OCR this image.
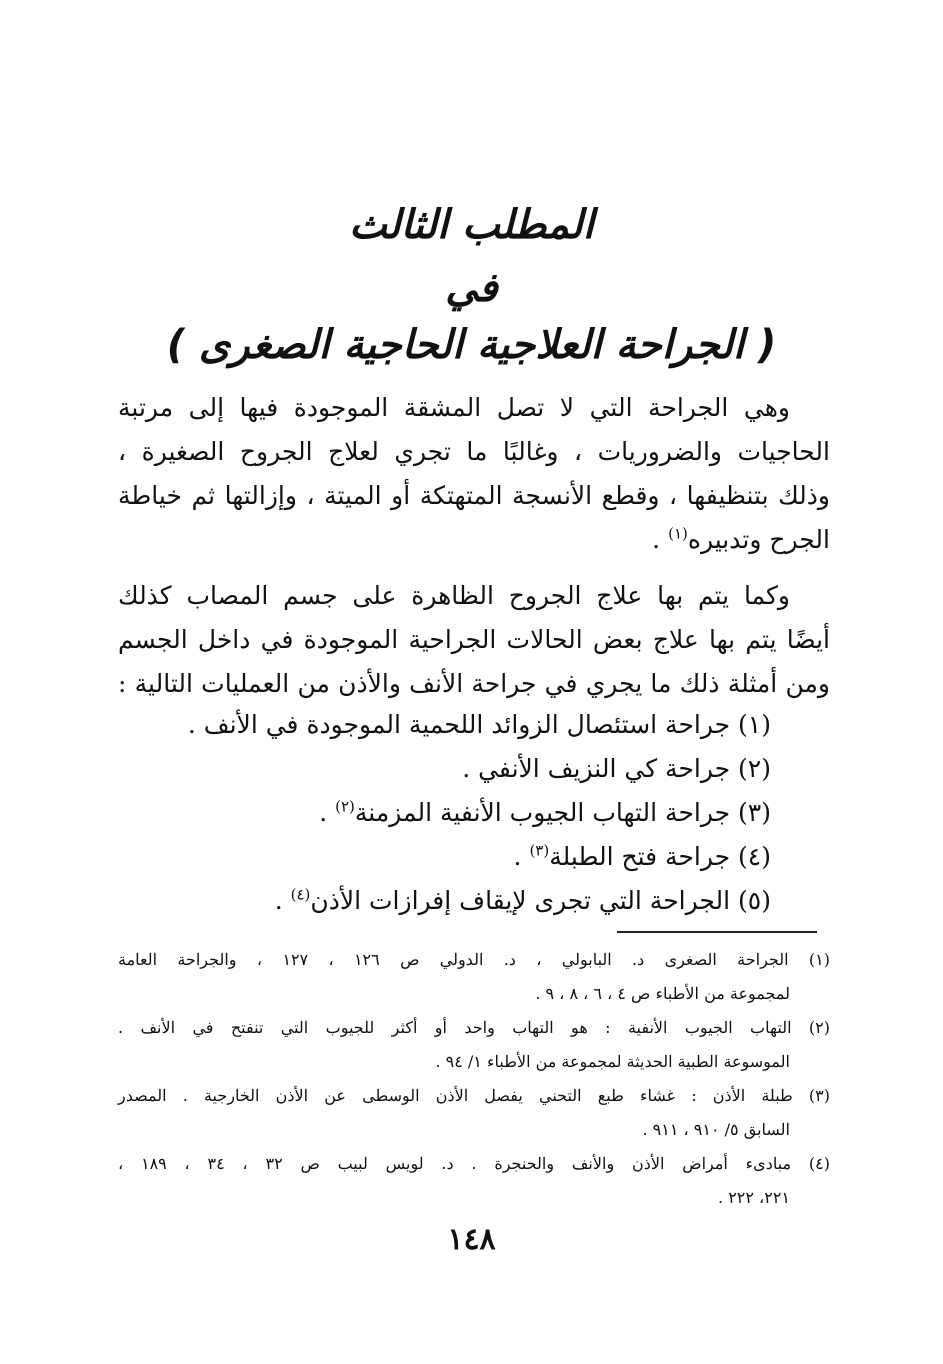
المطلب الثالث
في
( الجراحة العلاجية الحاجية الصغرى )
وهي الجراحة التي لا تصل المشقة الموجودة فيها إلى مرتبة
الحاجيات والضروريات ، وغالبًا ما تجري لعلاج الجروح الصغيرة ،
وذلك بتنظيفها ، وقطع الأنسجة المتهتكة أو الميتة ، وإزالتها ثم خياطة
الجرح وتدبيره$^{(١)}$ .
وكما يتم بها علاج الجروح الظاهرة على جسم المصاب كذلك
أيضًا يتم بها علاج بعض الحالات الجراحية الموجودة في داخل الجسم
ومن أمثلة ذلك ما يجري في جراحة الأنف والأذن من العمليات التالية :
(١) جراحة استئصال الزوائد اللحمية الموجودة في الأنف .
(٢) جراحة كي النزيف الأنفي .
(٣) جراحة التهاب الجيوب الأنفية المزمنة$^{(٢)}$ .
(٤) جراحة فتح الطبلة$^{(٣)}$ .
(٥) الجراحة التي تجرى لإيقاف إفرازات الأذن$^{(٤)}$ .
(١) الجراحة الصغرى د. البابولي ، د. الدولي ص ١٢٦ ، ١٢٧ ، والجراحة العامة
لمجموعة من الأطباء ص ٤ ، ٦ ، ٨ ، ٩ .
(٢) التهاب الجيوب الأنفية : هو التهاب واحد أو أكثر للجيوب التي تنفتح في الأنف .
الموسوعة الطبية الحديثة لمجموعة من الأطباء ١/ ٩٤ .
(٣) طبلة الأذن : غشاء طبع التحني يفصل الأذن الوسطى عن الأذن الخارجية . المصدر
السابق ٥/ ٩١٠ ، ٩١١ .
(٤) مبادىء أمراض الأذن والأنف والحنجرة . د. لويس لبيب ص ٣٢ ، ٣٤ ، ١٨٩ ،
٢٢١، ٢٢٢ .
١٤٨
